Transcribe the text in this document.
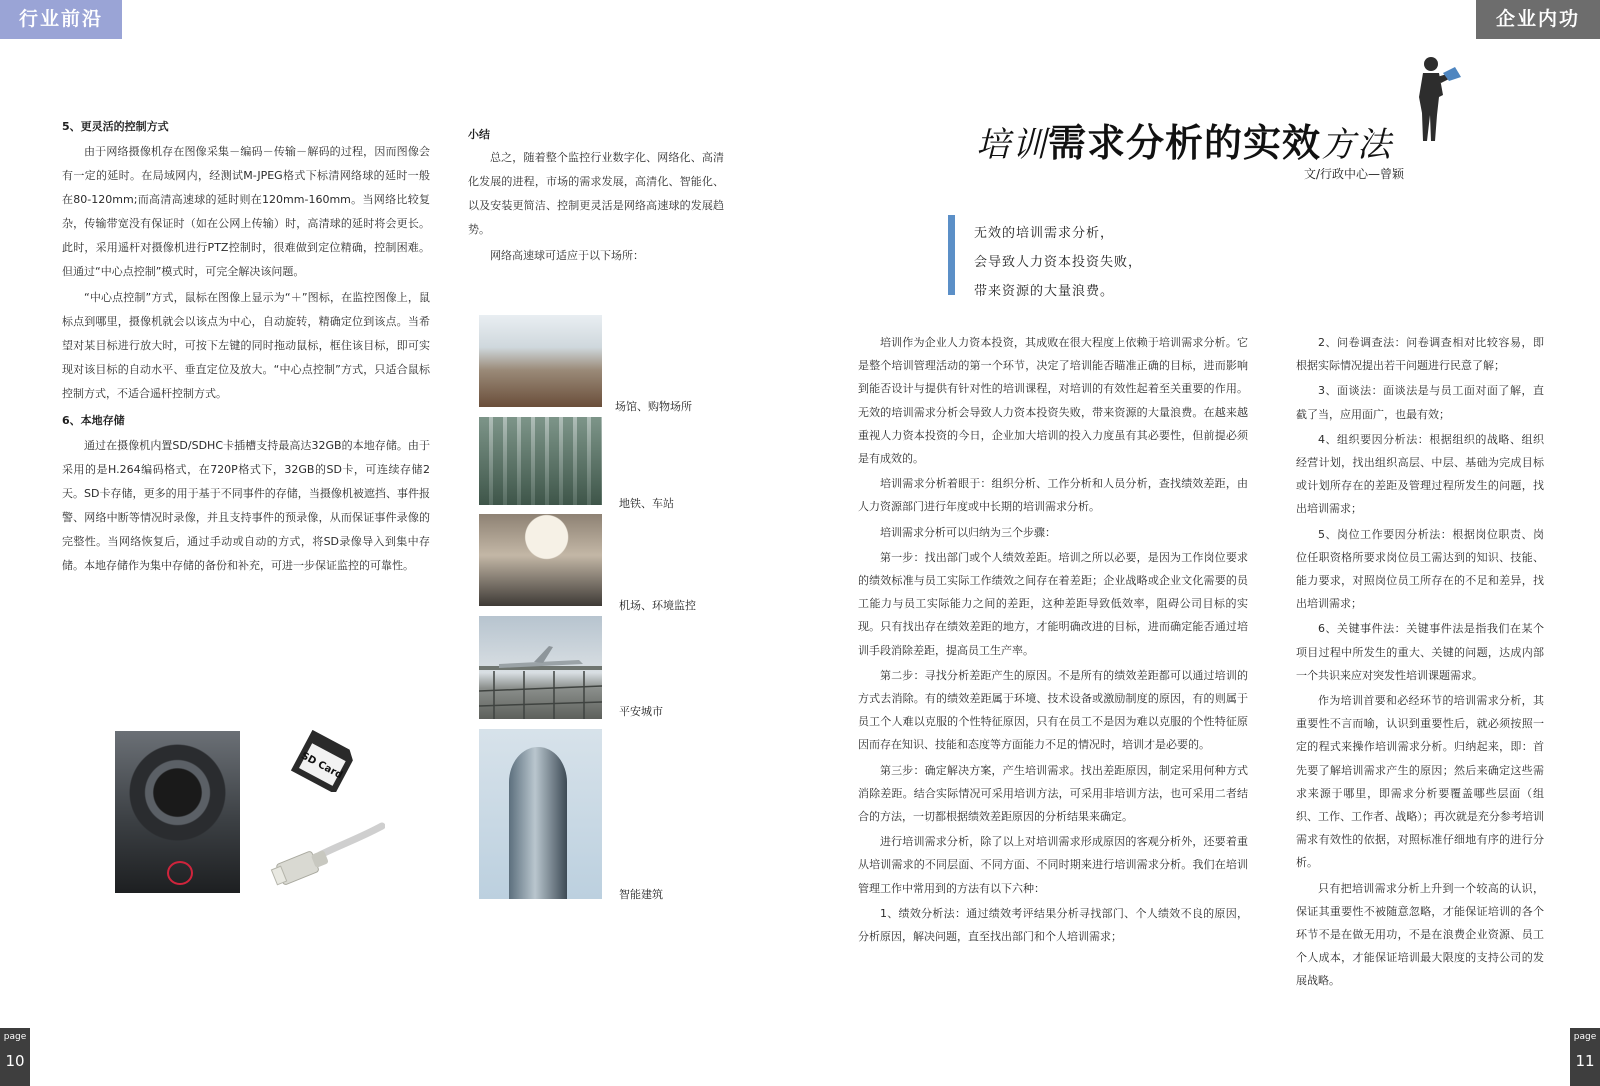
行业前沿	企业内功
5、更灵活的控制方式

由于网络摄像机存在图像采集－编码－传输－解码的过程，因而图像会有一定的延时。在局域网内，经测试M-JPEG格式下标清网络球的延时一般在80-120mm;而高清高速球的延时则在120mm-160mm。当网络比较复杂，传输带宽没有保证时（如在公网上传输）时，高清球的延时将会更长。此时，采用遥杆对摄像机进行PTZ控制时，很难做到定位精确，控制困难。但通过“中心点控制”模式时，可完全解决该问题。

“中心点控制”方式，鼠标在图像上显示为“＋”图标，在监控图像上，鼠标点到哪里，摄像机就会以该点为中心，自动旋转，精确定位到该点。当希望对某目标进行放大时，可按下左键的同时拖动鼠标，框住该目标，即可实现对该目标的自动水平、垂直定位及放大。“中心点控制”方式，只适合鼠标控制方式，不适合遥杆控制方式。

6、本地存储

通过在摄像机内置SD/SDHC卡插槽支持最高达32GB的本地存储。由于采用的是H.264编码格式，在720P格式下，32GB的SD卡，可连续存储2天。SD卡存储，更多的用于基于不同事件的存储，当摄像机被遮挡、事件报警、网络中断等情况时录像，并且支持事件的预录像，从而保证事件录像的完整性。当网络恢复后，通过手动或自动的方式，将SD录像导入到集中存储。本地存储作为集中存储的备份和补充，可进一步保证监控的可靠性。

小结

总之，随着整个监控行业数字化、网络化、高清化发展的进程，市场的需求发展，高清化、智能化、以及安装更简洁、控制更灵活是网络高速球的发展趋势。

网络高速球可适应于以下场所：

场馆、购物场所
地铁、车站
机场、环境监控
平安城市
智能建筑
SD Card
培训需求分析的实效方法
文/行政中心—曾颖

无效的培训需求分析，

会导致人力资本投资失败，

带来资源的大量浪费。

培训作为企业人力资本投资，其成败在很大程度上依赖于培训需求分析。它是整个培训管理活动的第一个环节，决定了培训能否瞄准正确的目标，进而影响到能否设计与提供有针对性的培训课程，对培训的有效性起着至关重要的作用。无效的培训需求分析会导致人力资本投资失败，带来资源的大量浪费。在越来越重视人力资本投资的今日，企业加大培训的投入力度虽有其必要性，但前提必须是有成效的。

培训需求分析着眼于：组织分析、工作分析和人员分析，查找绩效差距，由人力资源部门进行年度或中长期的培训需求分析。

培训需求分析可以归纳为三个步骤：

第一步：找出部门或个人绩效差距。培训之所以必要，是因为工作岗位要求的绩效标准与员工实际工作绩效之间存在着差距；企业战略或企业文化需要的员工能力与员工实际能力之间的差距，这种差距导致低效率，阻碍公司目标的实现。只有找出存在绩效差距的地方，才能明确改进的目标，进而确定能否通过培训手段消除差距，提高员工生产率。

第二步：寻找分析差距产生的原因。不是所有的绩效差距都可以通过培训的方式去消除。有的绩效差距属于环境、技术设备或激励制度的原因，有的则属于员工个人难以克服的个性特征原因，只有在员工不是因为难以克服的个性特征原因而存在知识、技能和态度等方面能力不足的情况时，培训才是必要的。

第三步：确定解决方案，产生培训需求。找出差距原因，制定采用何种方式消除差距。结合实际情况可采用培训方法，可采用非培训方法，也可采用二者结合的方法，一切都根据绩效差距原因的分析结果来确定。

进行培训需求分析，除了以上对培训需求形成原因的客观分析外，还要着重从培训需求的不同层面、不同方面、不同时期来进行培训需求分析。我们在培训管理工作中常用到的方法有以下六种：

1、绩效分析法：通过绩效考评结果分析寻找部门、个人绩效不良的原因，分析原因，解决问题，直至找出部门和个人培训需求；

2、问卷调查法：问卷调查相对比较容易，即根据实际情况提出若干问题进行民意了解；

3、面谈法：面谈法是与员工面对面了解，直截了当，应用面广，也最有效；

4、组织要因分析法：根据组织的战略、组织经营计划，找出组织高层、中层、基础为完成目标或计划所存在的差距及管理过程所发生的问题，找出培训需求；

5、岗位工作要因分析法：根据岗位职责、岗位任职资格所要求岗位员工需达到的知识、技能、能力要求，对照岗位员工所存在的不足和差异，找出培训需求；

6、关键事件法：关键事件法是指我们在某个项目过程中所发生的重大、关键的问题，达成内部一个共识来应对突发性培训课题需求。

作为培训首要和必经环节的培训需求分析，其重要性不言而喻，认识到重要性后，就必须按照一定的程式来操作培训需求分析。归纳起来，即：首先要了解培训需求产生的原因；然后来确定这些需求来源于哪里，即需求分析要覆盖哪些层面（组织、工作、工作者、战略）；再次就是充分参考培训需求有效性的依据，对照标准仔细地有序的进行分析。

只有把培训需求分析上升到一个较高的认识，保证其重要性不被随意忽略，才能保证培训的各个环节不是在做无用功，不是在浪费企业资源、员工个人成本，才能保证培训最大限度的支持公司的发展战略。

page
10
page
11
